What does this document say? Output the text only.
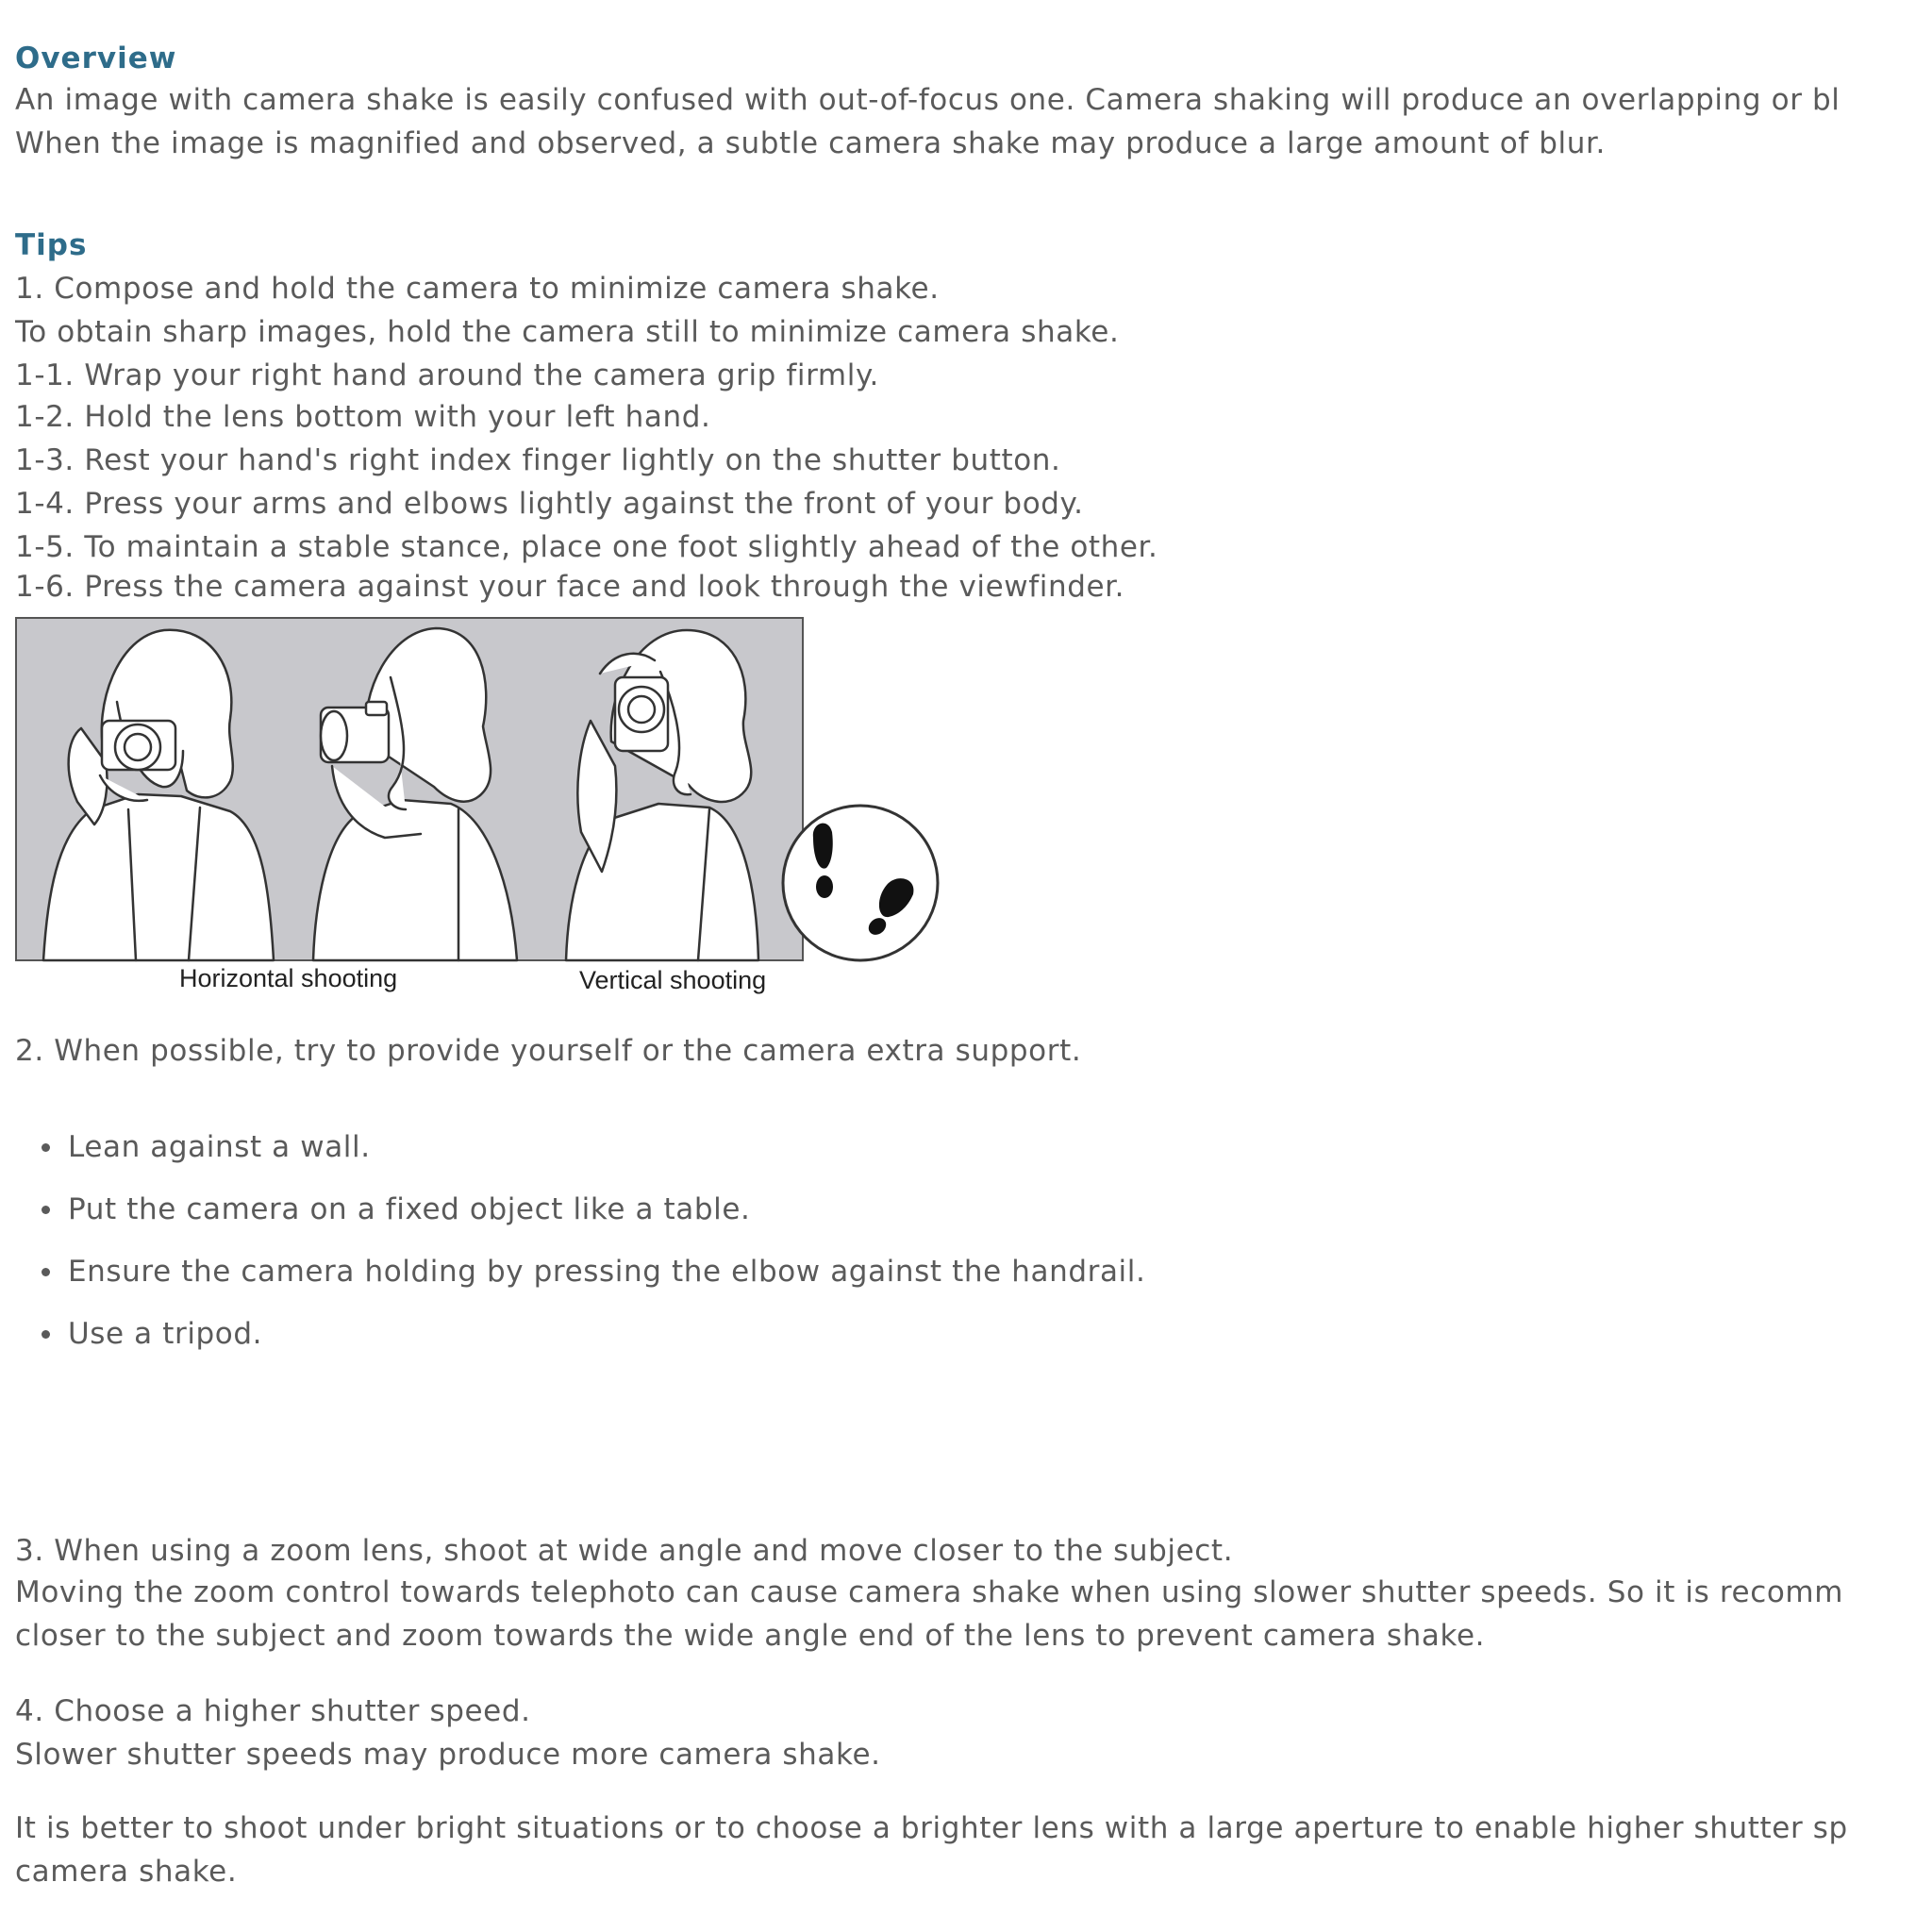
Overview
An image with camera shake is easily confused with out-of-focus one. Camera shaking will produce an overlapping or bl
When the image is magnified and observed, a subtle camera shake may produce a large amount of blur.
Tips
1. Compose and hold the camera to minimize camera shake.
To obtain sharp images, hold the camera still to minimize camera shake.
1-1. Wrap your right hand around the camera grip firmly.
1-2. Hold the lens bottom with your left hand.
1-3. Rest your hand's right index finger lightly on the shutter button.
1-4. Press your arms and elbows lightly against the front of your body.
1-5. To maintain a stable stance, place one foot slightly ahead of the other.
1-6. Press the camera against your face and look through the viewfinder.
Horizontal shooting	Vertical shooting
2. When possible, try to provide yourself or the camera extra support.
Lean against a wall.
Put the camera on a fixed object like a table.
Ensure the camera holding by pressing the elbow against the handrail.
Use a tripod.
3. When using a zoom lens, shoot at wide angle and move closer to the subject.
Moving the zoom control towards telephoto can cause camera shake when using slower shutter speeds. So it is recomm
closer to the subject and zoom towards the wide angle end of the lens to prevent camera shake.
4. Choose a higher shutter speed.
Slower shutter speeds may produce more camera shake.
It is better to shoot under bright situations or to choose a brighter lens with a large aperture to enable higher shutter sp
camera shake.
